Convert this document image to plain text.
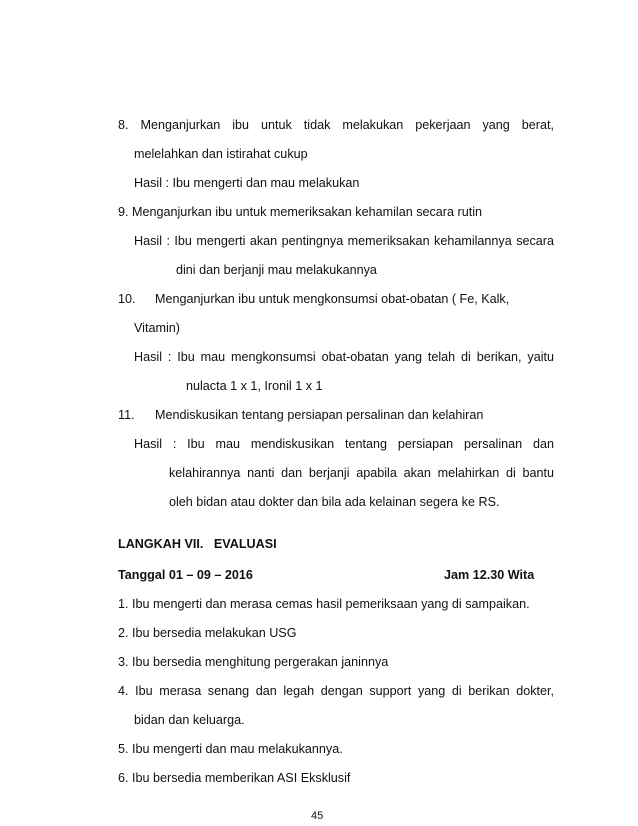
8. Menganjurkan ibu untuk tidak melakukan pekerjaan yang berat,
melelahkan dan istirahat cukup
Hasil : Ibu mengerti dan mau melakukan
9. Menganjurkan ibu untuk memeriksakan kehamilan secara rutin
Hasil : Ibu mengerti akan pentingnya memeriksakan kehamilannya secara
dini dan berjanji mau melakukannya
10. Menganjurkan ibu untuk mengkonsumsi obat-obatan ( Fe, Kalk,
Vitamin)
Hasil : Ibu mau mengkonsumsi obat-obatan yang telah di berikan, yaitu
nulacta 1 x 1, Ironil 1 x 1
11. Mendiskusikan tentang persiapan persalinan dan kelahiran
Hasil : Ibu mau mendiskusikan tentang persiapan persalinan dan
kelahirannya nanti dan berjanji apabila akan melahirkan di bantu
oleh bidan atau dokter dan bila ada kelainan segera ke RS.
LANGKAH VII.   EVALUASI
Tanggal 01 – 09 – 2016	Jam 12.30 Wita
1. Ibu mengerti dan merasa cemas hasil pemeriksaan yang di sampaikan.
2. Ibu bersedia melakukan USG
3. Ibu bersedia menghitung pergerakan janinnya
4. Ibu merasa senang dan legah dengan support yang di berikan dokter,
bidan dan keluarga.
5. Ibu mengerti dan mau melakukannya.
6. Ibu bersedia memberikan ASI Eksklusif
45
